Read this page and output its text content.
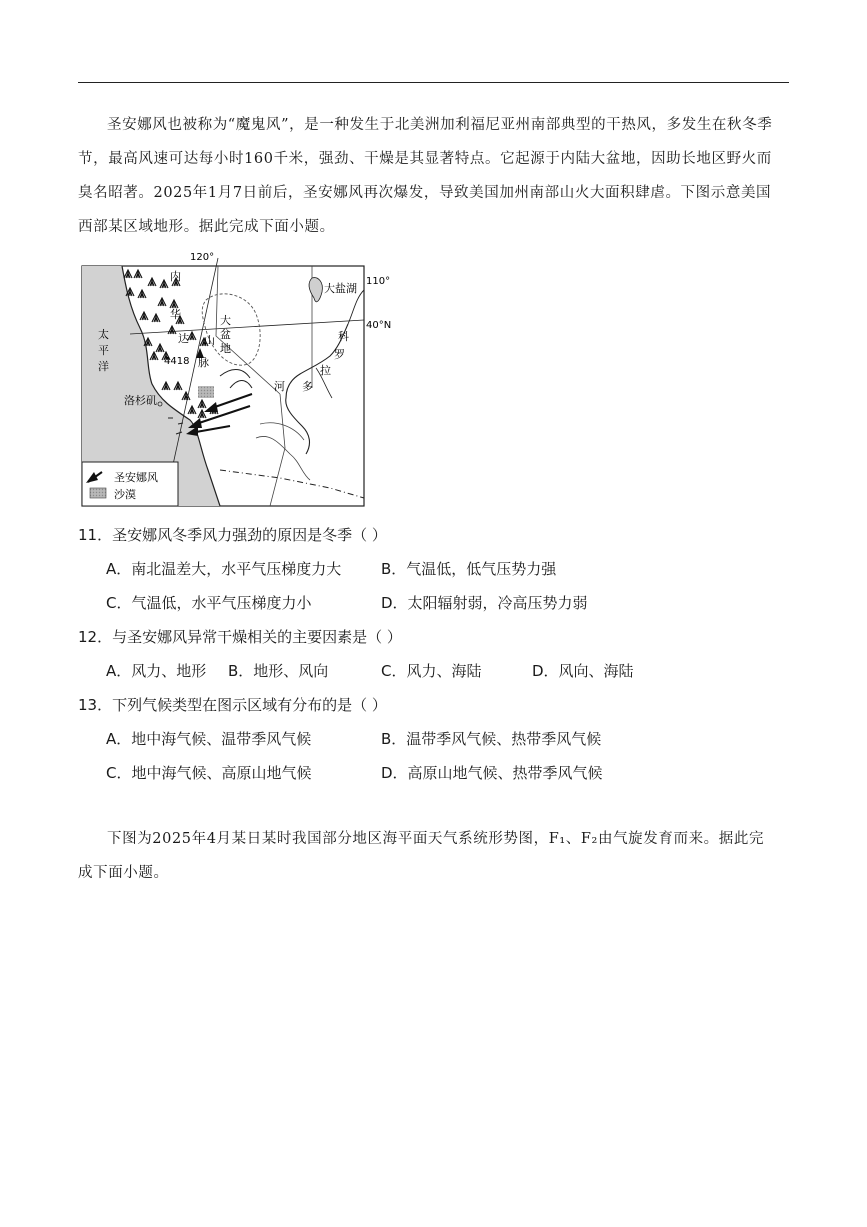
圣安娜风也被称为“魔鬼风”，是一种发生于北美洲加利福尼亚州南部典型的干热风，多发生在秋冬季
节，最高风速可达每小时160千米，强劲、干燥是其显著特点。它起源于内陆大盆地，因助长地区野火而
臭名昭著。2025年1月7日前后，圣安娜风再次爆发，导致美国加州南部山火大面积肆虐。下图示意美国
西部某区域地形。据此完成下面小题。
120°
110°
40°N
太
平
洋
内
华
达 山
脉
大
盆
地
科
罗
拉
多
河
大盐湖
洛杉矶
4418
圣安娜风
沙漠
11．圣安娜风冬季风力强劲的原因是冬季（ ）
A．南北温差大，水平气压梯度力大	B．气温低，低气压势力强
C．气温低，水平气压梯度力小	D．太阳辐射弱，冷高压势力弱
12．与圣安娜风异常干燥相关的主要因素是（ ）
A．风力、地形 B．地形、风向	C．风力、海陆	D．风向、海陆
13．下列气候类型在图示区域有分布的是（ ）
A．地中海气候、温带季风气候	B．温带季风气候、热带季风气候
C．地中海气候、高原山地气候	D．高原山地气候、热带季风气候
下图为2025年4月某日某时我国部分地区海平面天气系统形势图，F₁、F₂由气旋发育而来。据此完
成下面小题。
